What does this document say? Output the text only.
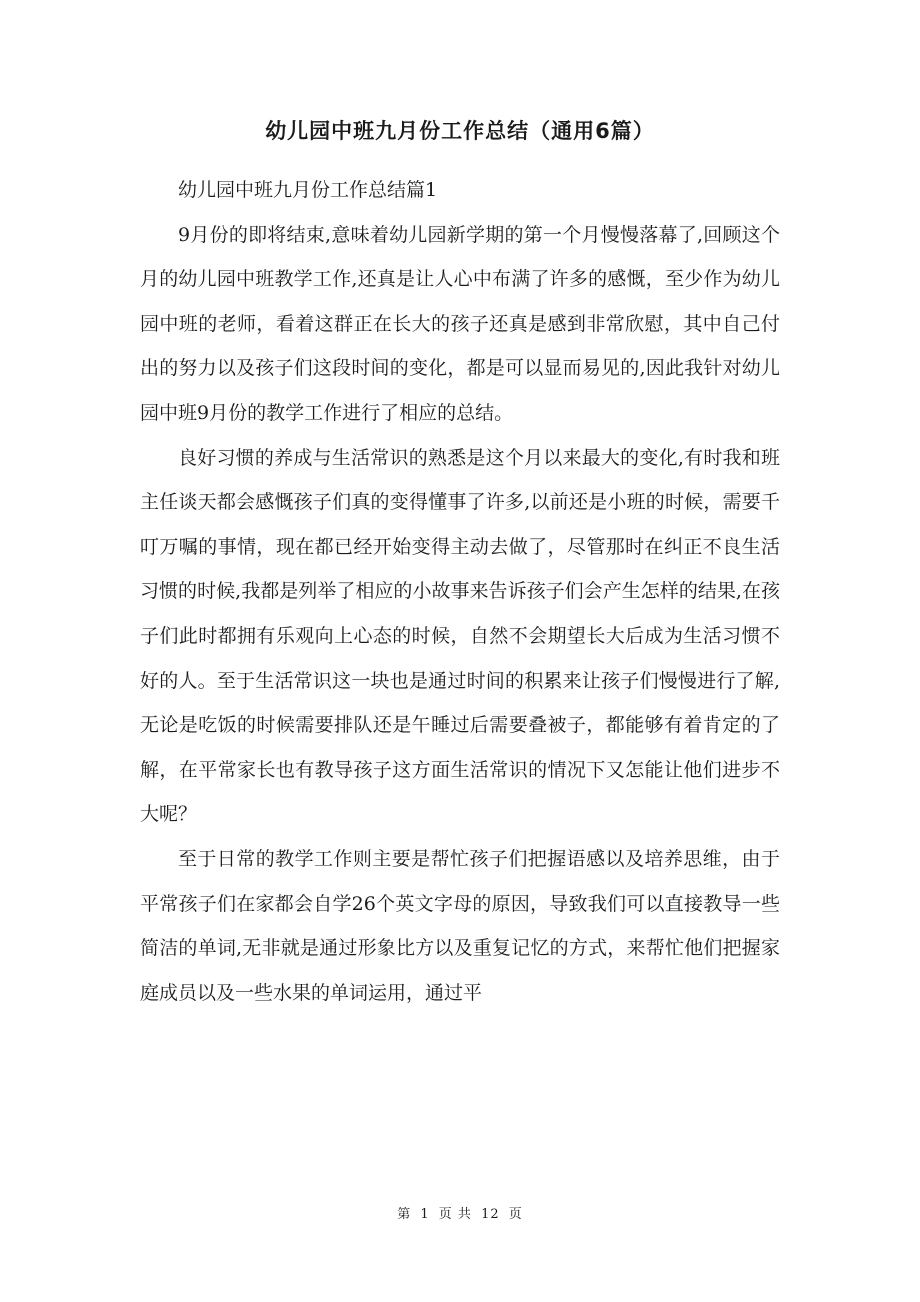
幼儿园中班九月份工作总结（通用6篇）

幼儿园中班九月份工作总结篇1

9月份的即将结束,意味着幼儿园新学期的第一个月慢慢落幕了,回顾这个月的幼儿园中班教学工作,还真是让人心中布满了许多的感慨，至少作为幼儿园中班的老师，看着这群正在长大的孩子还真是感到非常欣慰，其中自己付出的努力以及孩子们这段时间的变化，都是可以显而易见的,因此我针对幼儿园中班9月份的教学工作进行了相应的总结。

良好习惯的养成与生活常识的熟悉是这个月以来最大的变化,有时我和班主任谈天都会感慨孩子们真的变得懂事了许多,以前还是小班的时候，需要千叮万嘱的事情，现在都已经开始变得主动去做了，尽管那时在纠正不良生活习惯的时候,我都是列举了相应的小故事来告诉孩子们会产生怎样的结果,在孩子们此时都拥有乐观向上心态的时候，自然不会期望长大后成为生活习惯不好的人。至于生活常识这一块也是通过时间的积累来让孩子们慢慢进行了解,无论是吃饭的时候需要排队还是午睡过后需要叠被子，都能够有着肯定的了解，在平常家长也有教导孩子这方面生活常识的情况下又怎能让他们进步不大呢？

至于日常的教学工作则主要是帮忙孩子们把握语感以及培养思维，由于平常孩子们在家都会自学26个英文字母的原因，导致我们可以直接教导一些简洁的单词,无非就是通过形象比方以及重复记忆的方式，来帮忙他们把握家庭成员以及一些水果的单词运用，通过平

第 1 页 共 12 页
